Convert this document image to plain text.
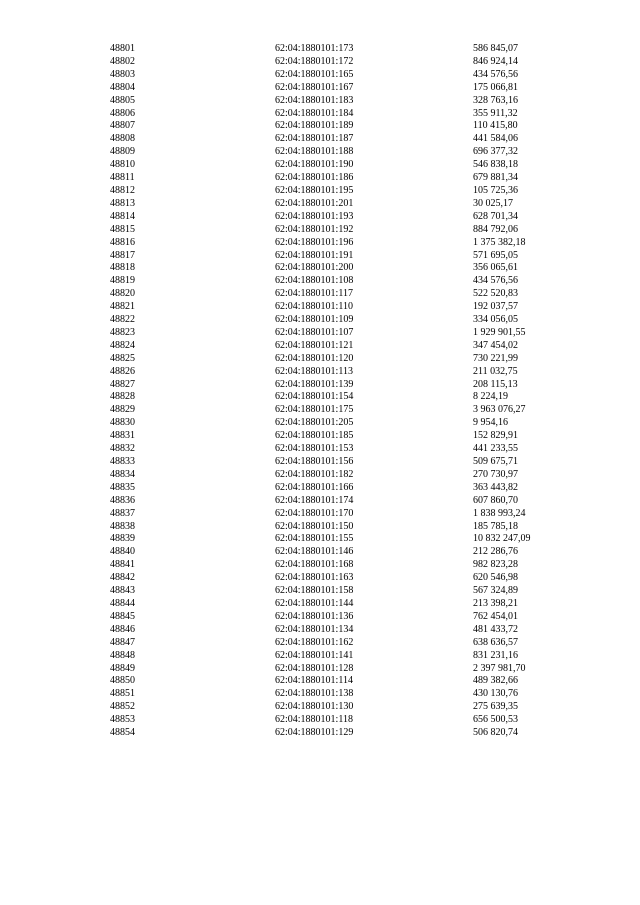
48801	62:04:1880101:173	586 845,07
48802	62:04:1880101:172	846 924,14
48803	62:04:1880101:165	434 576,56
48804	62:04:1880101:167	175 066,81
48805	62:04:1880101:183	328 763,16
48806	62:04:1880101:184	355 911,32
48807	62:04:1880101:189	110 415,80
48808	62:04:1880101:187	441 584,06
48809	62:04:1880101:188	696 377,32
48810	62:04:1880101:190	546 838,18
48811	62:04:1880101:186	679 881,34
48812	62:04:1880101:195	105 725,36
48813	62:04:1880101:201	30 025,17
48814	62:04:1880101:193	628 701,34
48815	62:04:1880101:192	884 792,06
48816	62:04:1880101:196	1 375 382,18
48817	62:04:1880101:191	571 695,05
48818	62:04:1880101:200	356 065,61
48819	62:04:1880101:108	434 576,56
48820	62:04:1880101:117	522 520,83
48821	62:04:1880101:110	192 037,57
48822	62:04:1880101:109	334 056,05
48823	62:04:1880101:107	1 929 901,55
48824	62:04:1880101:121	347 454,02
48825	62:04:1880101:120	730 221,99
48826	62:04:1880101:113	211 032,75
48827	62:04:1880101:139	208 115,13
48828	62:04:1880101:154	8 224,19
48829	62:04:1880101:175	3 963 076,27
48830	62:04:1880101:205	9 954,16
48831	62:04:1880101:185	152 829,91
48832	62:04:1880101:153	441 233,55
48833	62:04:1880101:156	509 675,71
48834	62:04:1880101:182	270 730,97
48835	62:04:1880101:166	363 443,82
48836	62:04:1880101:174	607 860,70
48837	62:04:1880101:170	1 838 993,24
48838	62:04:1880101:150	185 785,18
48839	62:04:1880101:155	10 832 247,09
48840	62:04:1880101:146	212 286,76
48841	62:04:1880101:168	982 823,28
48842	62:04:1880101:163	620 546,98
48843	62:04:1880101:158	567 324,89
48844	62:04:1880101:144	213 398,21
48845	62:04:1880101:136	762 454,01
48846	62:04:1880101:134	481 433,72
48847	62:04:1880101:162	638 636,57
48848	62:04:1880101:141	831 231,16
48849	62:04:1880101:128	2 397 981,70
48850	62:04:1880101:114	489 382,66
48851	62:04:1880101:138	430 130,76
48852	62:04:1880101:130	275 639,35
48853	62:04:1880101:118	656 500,53
48854	62:04:1880101:129	506 820,74
